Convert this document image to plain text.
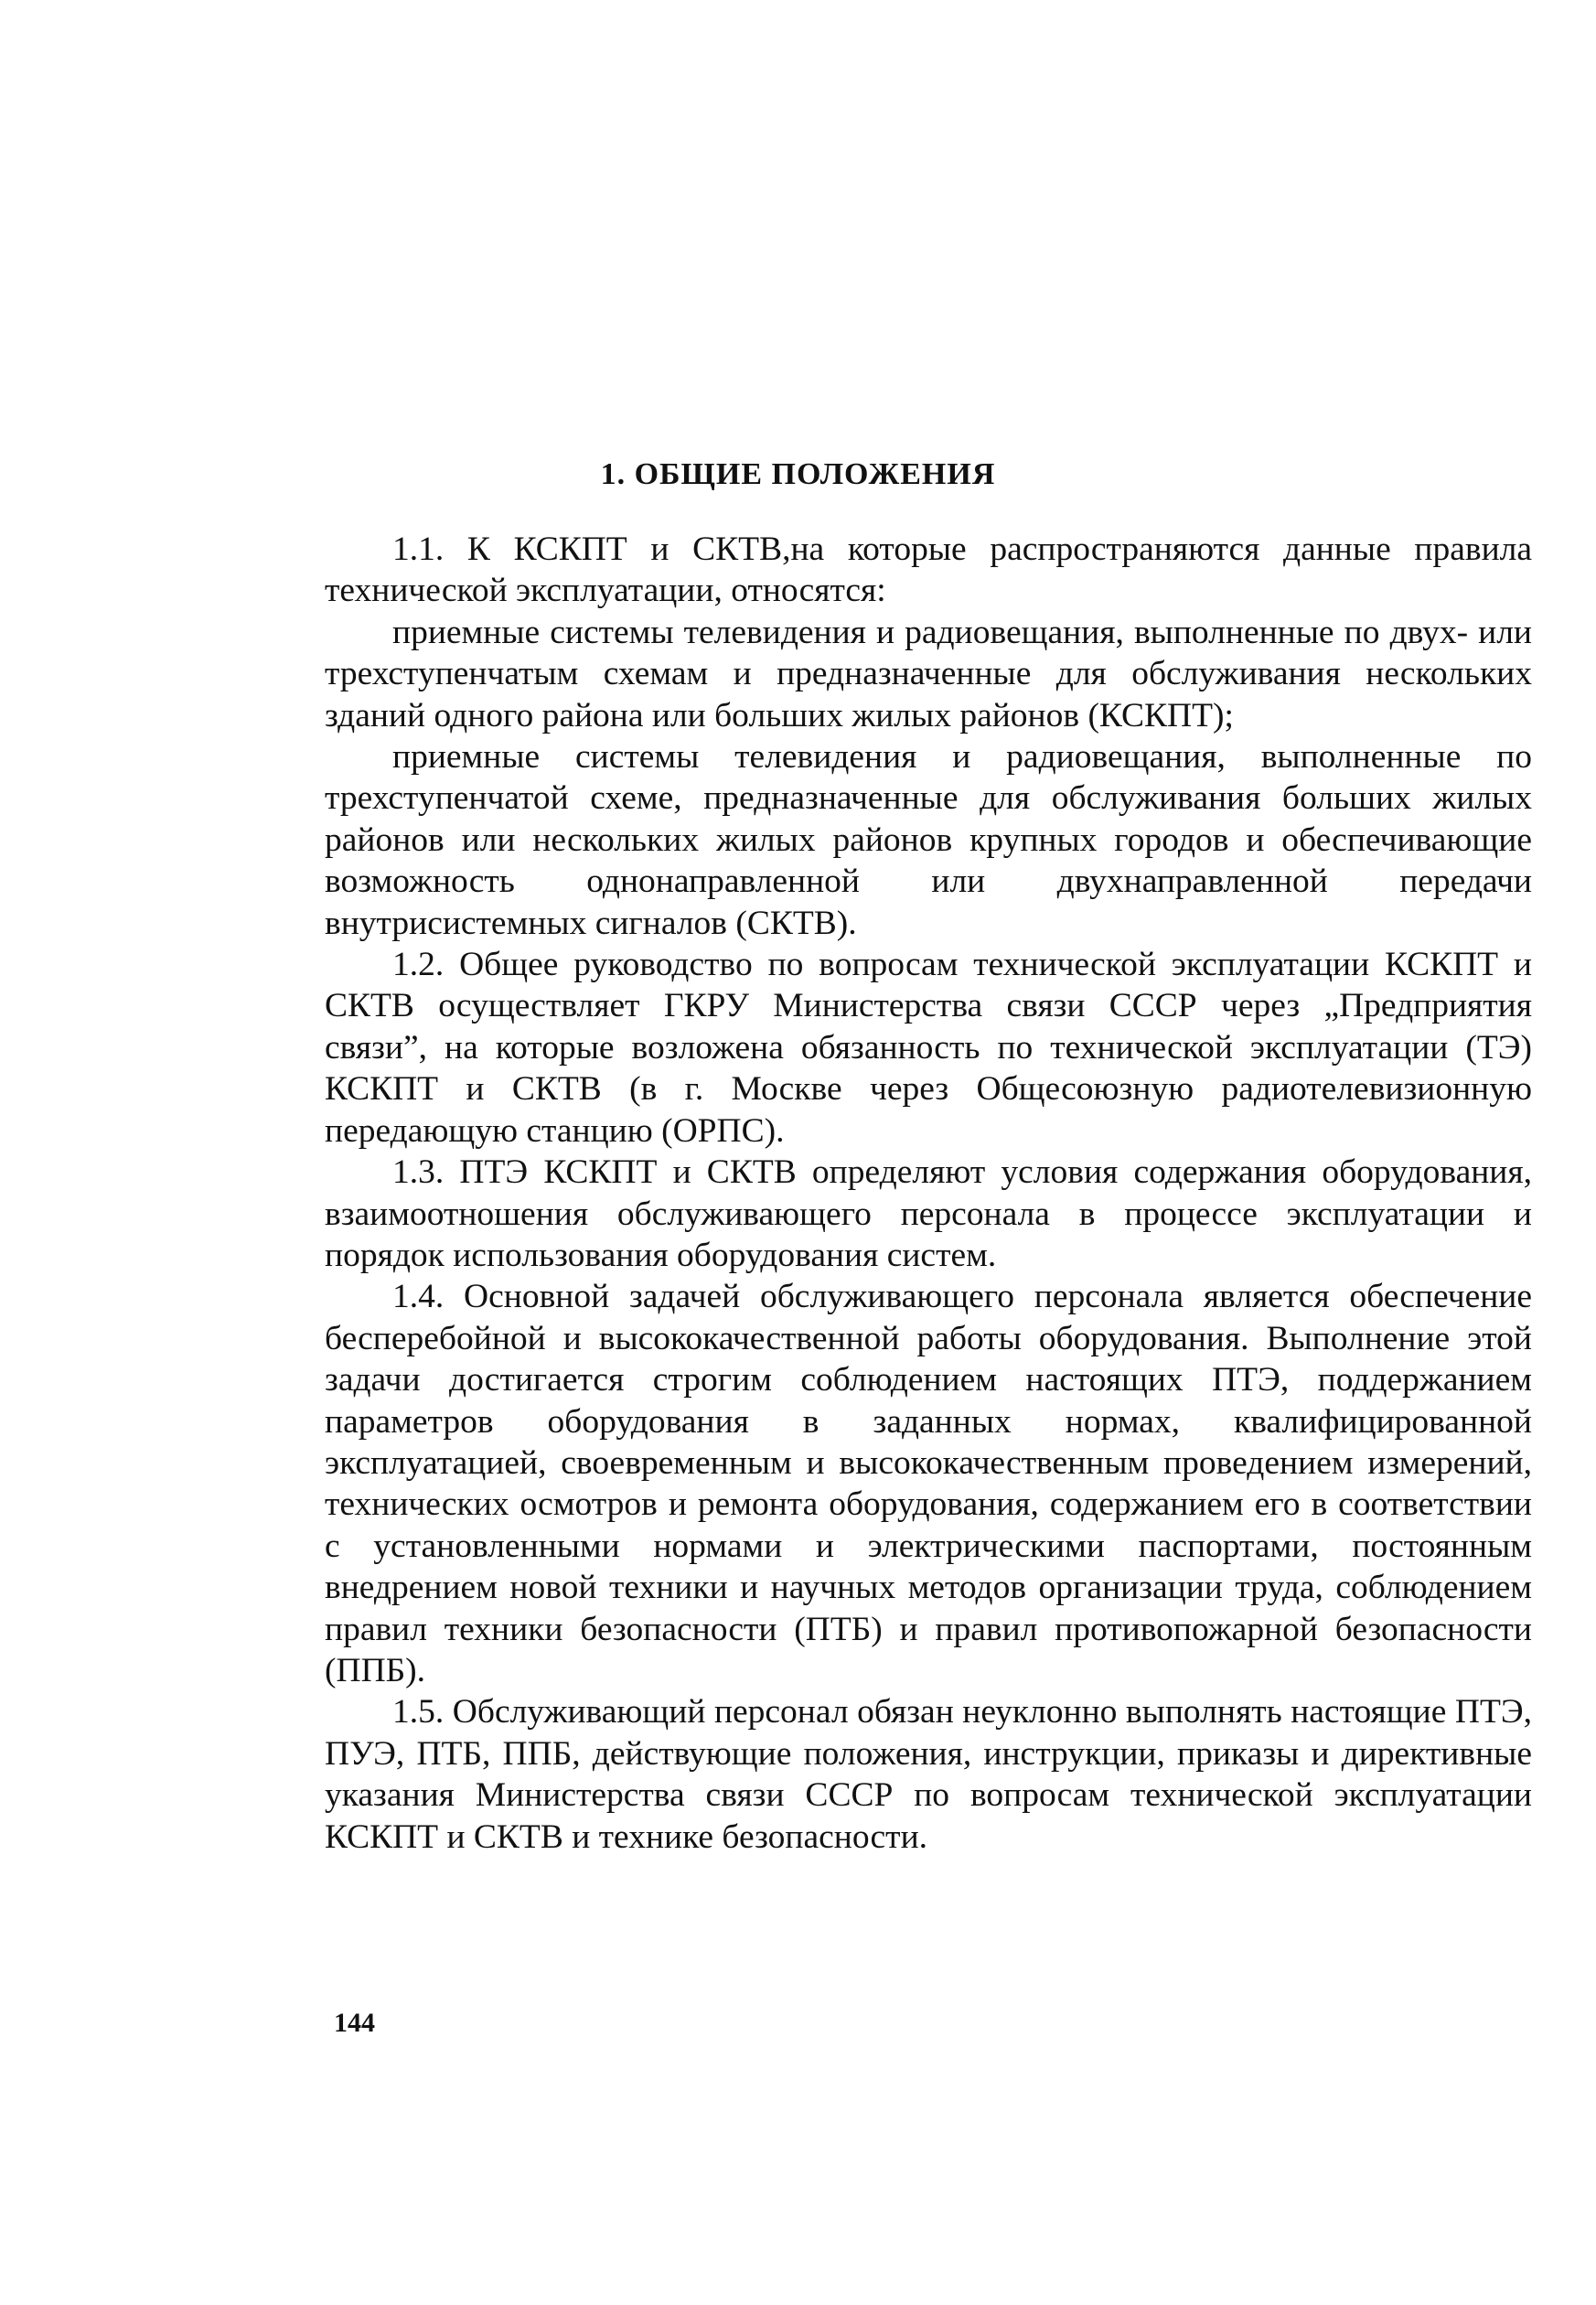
1. ОБЩИЕ ПОЛОЖЕНИЯ

1.1. К КСКПТ и СКТВ,на которые распространяются данные правила технической эксплуатации, относятся:

приемные системы телевидения и радиовещания, выполненные по двух- или трехступенчатым схемам и предназначенные для обслуживания нескольких зданий одного района или больших жилых районов (КСКПТ);

приемные системы телевидения и радиовещания, выполненные по трехступенчатой схеме, предназначенные для обслуживания больших жилых районов или нескольких жилых районов крупных городов и обеспечивающие возможность однонаправленной или двухнаправленной передачи внутрисистемных сигналов (СКТВ).

1.2. Общее руководство по вопросам технической эксплуатации КСКПТ и СКТВ осуществляет ГКРУ Министерства связи СССР через „Предприятия связи”, на которые возложена обязанность по технической эксплуатации (ТЭ) КСКПТ и СКТВ (в г. Москве через Общесоюзную радиотелевизионную передающую станцию (ОРПС).

1.3. ПТЭ КСКПТ и СКТВ определяют условия содержания оборудования, взаимоотношения обслуживающего персонала в процессе эксплуатации и порядок использования оборудования систем.

1.4. Основной задачей обслуживающего персонала является обеспечение бесперебойной и высококачественной работы оборудования. Выполнение этой задачи достигается строгим соблюдением настоящих ПТЭ, поддержанием параметров оборудования в заданных нормах, квалифицированной эксплуатацией, своевременным и высококачественным проведением измерений, технических осмотров и ремонта оборудования, содержанием его в соответствии с установленными нормами и электрическими паспортами, постоянным внедрением новой техники и научных методов организации труда, соблюдением правил техники безопасности (ПТБ) и правил противопожарной безопасности (ППБ).

1.5. Обслуживающий персонал обязан неуклонно выполнять настоящие ПТЭ, ПУЭ, ПТБ, ППБ, действующие положения, инструкции, приказы и директивные указания Министерства связи СССР по вопросам технической эксплуатации КСКПТ и СКТВ и технике безопасности.

144
